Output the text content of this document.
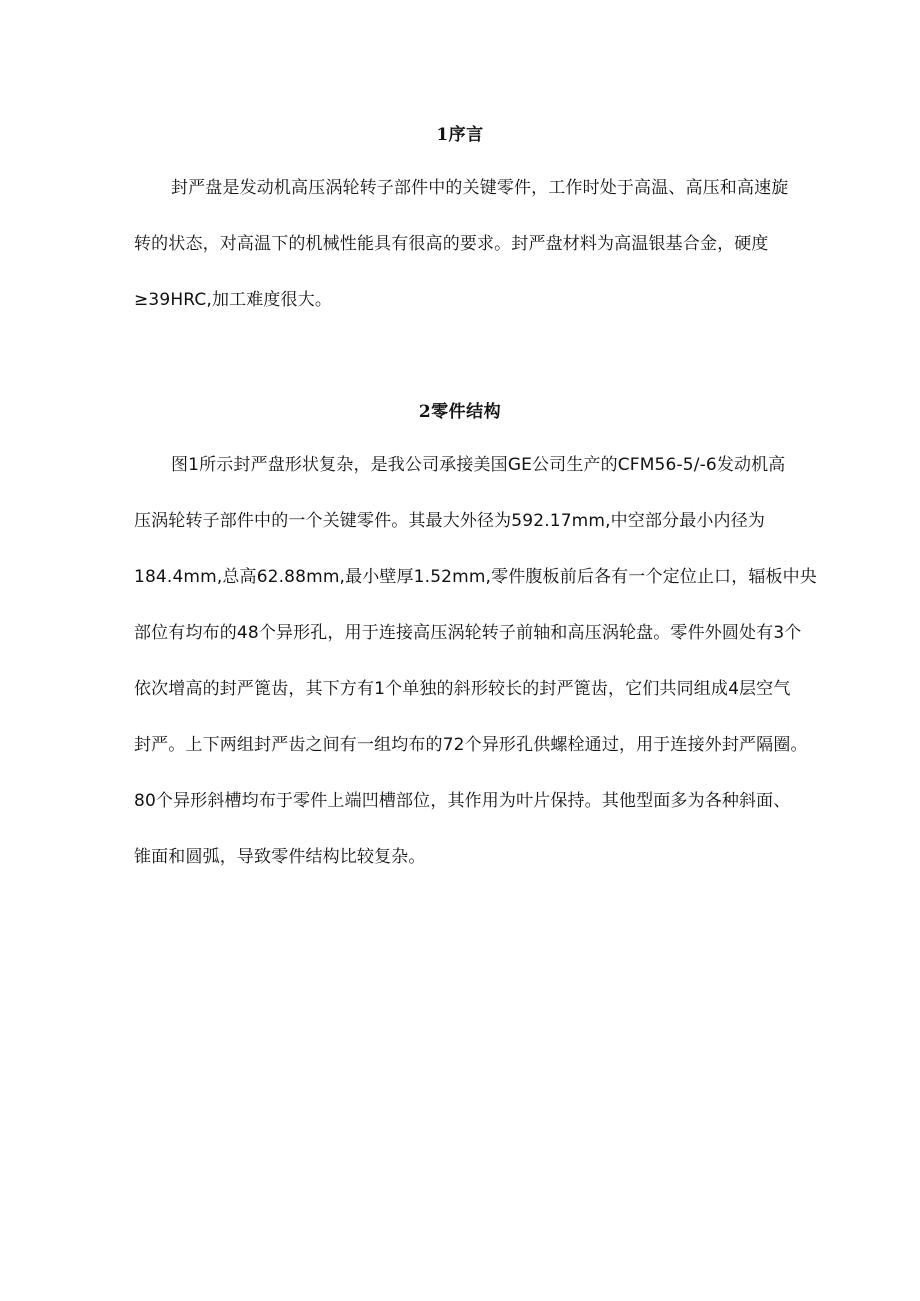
1序言
封严盘是发动机高压涡轮转子部件中的关键零件，工作时处于高温、高压和高速旋
转的状态，对高温下的机械性能具有很高的要求。封严盘材料为高温银基合金，硬度
≥39HRC,加工难度很大。
2零件结构
图1所示封严盘形状复杂，是我公司承接美国GE公司生产的CFM56-5/-6发动机高
压涡轮转子部件中的一个关键零件。其最大外径为592.17mm,中空部分最小内径为
184.4mm,总高62.88mm,最小壁厚1.52mm,零件腹板前后各有一个定位止口，辐板中央
部位有均布的48个异形孔，用于连接高压涡轮转子前轴和高压涡轮盘。零件外圆处有3个
依次增高的封严篦齿，其下方有1个单独的斜形较长的封严篦齿，它们共同组成4层空气
封严。上下两组封严齿之间有一组均布的72个异形孔供螺栓通过，用于连接外封严隔圈。
80个异形斜槽均布于零件上端凹槽部位，其作用为叶片保持。其他型面多为各种斜面、
锥面和圆弧，导致零件结构比较复杂。
